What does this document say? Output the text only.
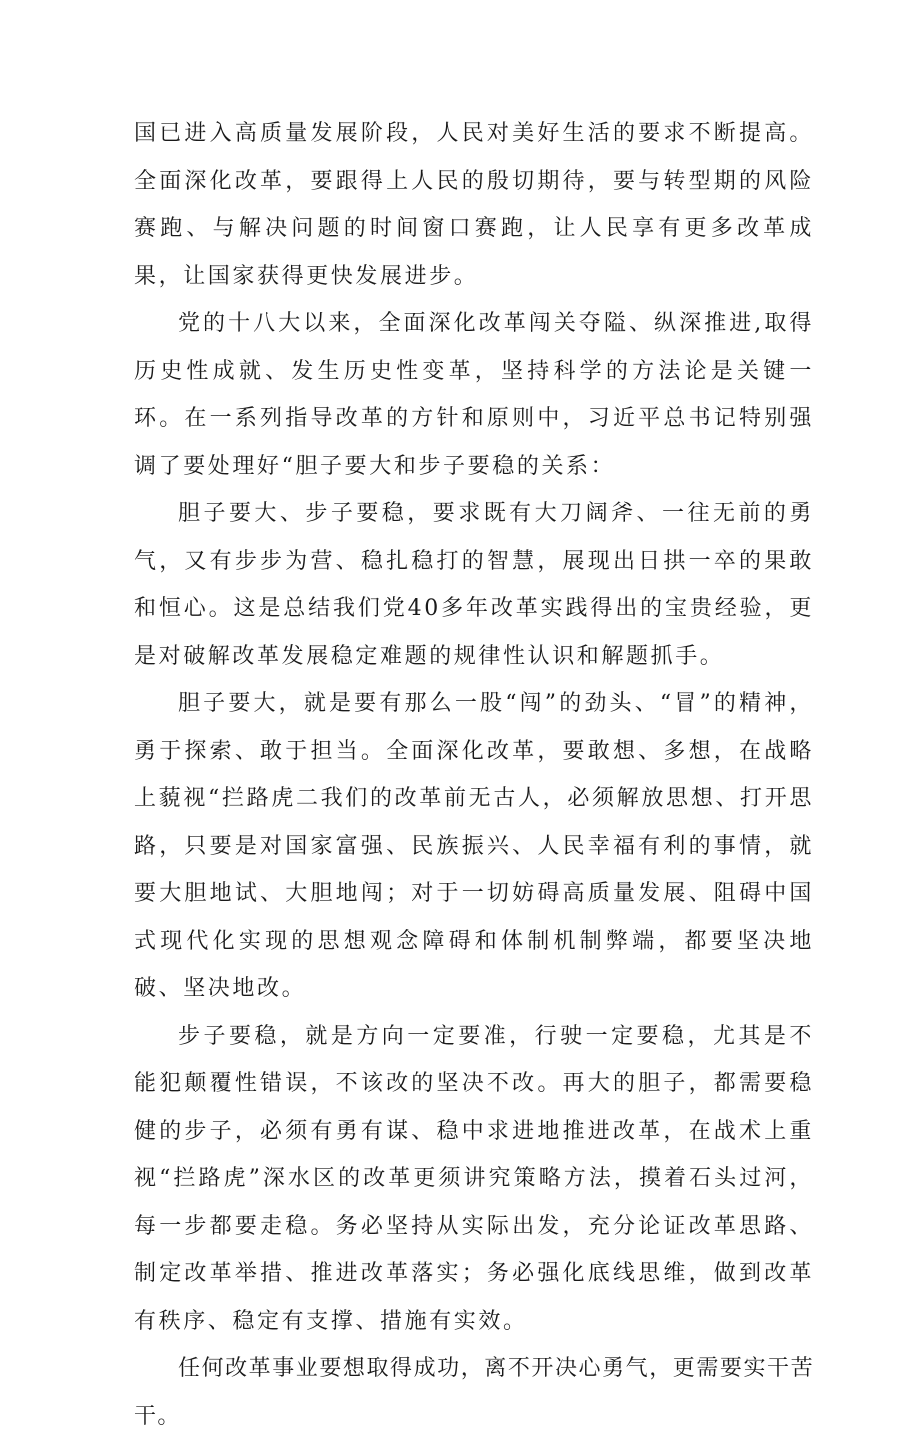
国已进入高质量发展阶段，人民对美好生活的要求不断提高。全面深化改革，要跟得上人民的殷切期待，要与转型期的风险赛跑、与解决问题的时间窗口赛跑，让人民享有更多改革成果，让国家获得更快发展进步。

党的十八大以来，全面深化改革闯关夺隘、纵深推进,取得历史性成就、发生历史性变革，坚持科学的方法论是关键一环。在一系列指导改革的方针和原则中，习近平总书记特别强调了要处理好“胆子要大和步子要稳的关系：

胆子要大、步子要稳，要求既有大刀阔斧、一往无前的勇气，又有步步为营、稳扎稳打的智慧，展现出日拱一卒的果敢和恒心。这是总结我们党40多年改革实践得出的宝贵经验，更是对破解改革发展稳定难题的规律性认识和解题抓手。

胆子要大，就是要有那么一股“闯”的劲头、“冒”的精神，勇于探索、敢于担当。全面深化改革，要敢想、多想，在战略上藐视“拦路虎二我们的改革前无古人，必须解放思想、打开思路，只要是对国家富强、民族振兴、人民幸福有利的事情，就要大胆地试、大胆地闯；对于一切妨碍高质量发展、阻碍中国式现代化实现的思想观念障碍和体制机制弊端，都要坚决地破、坚决地改。

步子要稳，就是方向一定要准，行驶一定要稳，尤其是不能犯颠覆性错误，不该改的坚决不改。再大的胆子，都需要稳健的步子，必须有勇有谋、稳中求进地推进改革，在战术上重视“拦路虎”深水区的改革更须讲究策略方法，摸着石头过河，每一步都要走稳。务必坚持从实际出发，充分论证改革思路、制定改革举措、推进改革落实；务必强化底线思维，做到改革有秩序、稳定有支撑、措施有实效。

任何改革事业要想取得成功，离不开决心勇气，更需要实干苦干。
